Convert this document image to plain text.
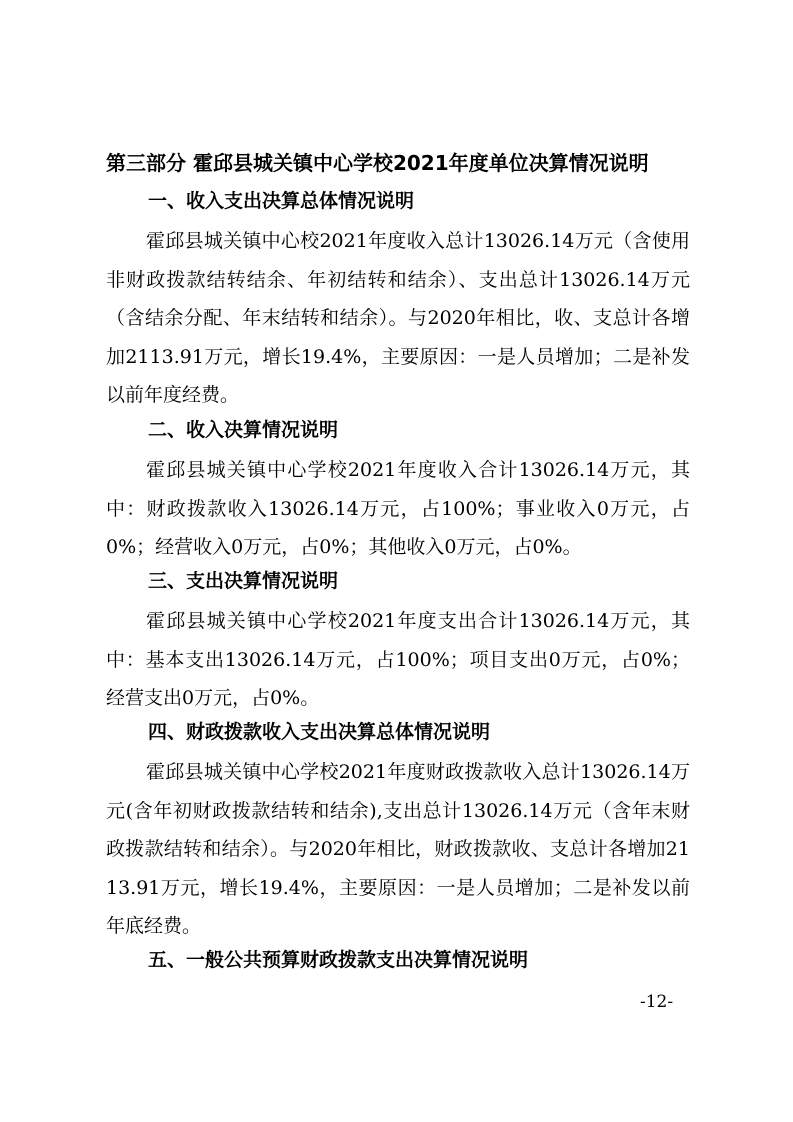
第三部分 霍邱县城关镇中心学校2021年度单位决算情况说明
一、收入支出决算总体情况说明
霍邱县城关镇中心校2021年度收入总计13026.14万元（含使用非财政拨款结转结余、年初结转和结余）、支出总计13026.14万元（含结余分配、年末结转和结余）。与2020年相比，收、支总计各增加2113.91万元，增长19.4%，主要原因：一是人员增加；二是补发以前年度经费。
二、收入决算情况说明
霍邱县城关镇中心学校2021年度收入合计13026.14万元，其中：财政拨款收入13026.14万元，占100%；事业收入0万元，占0%；经营收入0万元，占0%；其他收入0万元，占0%。
三、支出决算情况说明
霍邱县城关镇中心学校2021年度支出合计13026.14万元，其中：基本支出13026.14万元，占100%；项目支出0万元，占0%；经营支出0万元，占0%。
四、财政拨款收入支出决算总体情况说明
霍邱县城关镇中心学校2021年度财政拨款收入总计13026.14万元(含年初财政拨款结转和结余),支出总计13026.14万元（含年末财政拨款结转和结余）。与2020年相比，财政拨款收、支总计各增加2113.91万元，增长19.4%，主要原因：一是人员增加；二是补发以前年底经费。
五、一般公共预算财政拨款支出决算情况说明
-12-
